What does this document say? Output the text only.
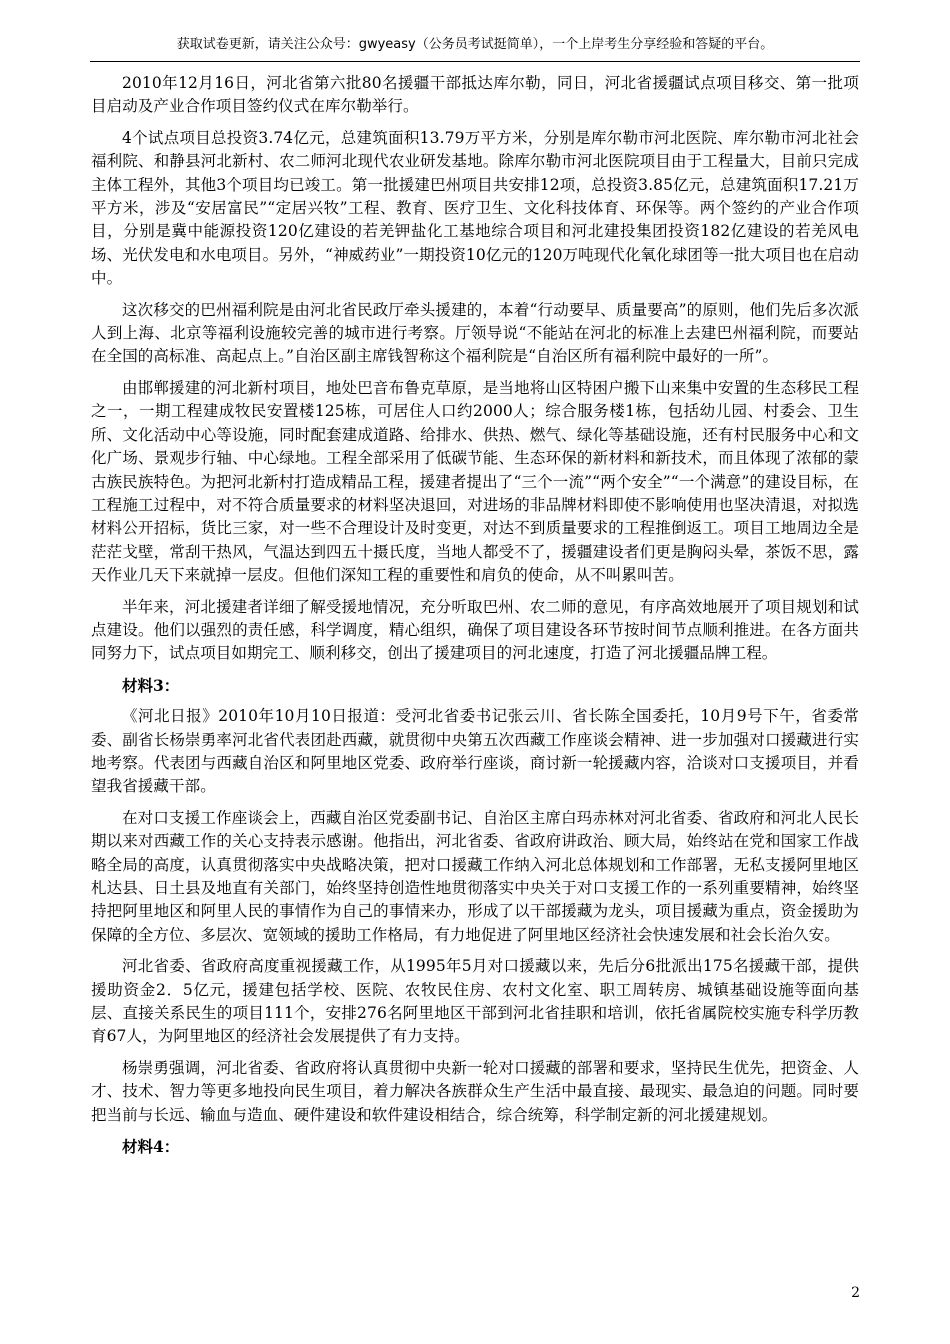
获取试卷更新，请关注公众号：gwyeasy（公务员考试挺简单），一个上岸考生分享经验和答疑的平台。

2010年12月16日，河北省第六批80名援疆干部抵达库尔勒，同日，河北省援疆试点项目移交、第一批项目启动及产业合作项目签约仪式在库尔勒举行。

4个试点项目总投资3.74亿元，总建筑面积13.79万平方米，分别是库尔勒市河北医院、库尔勒市河北社会福利院、和静县河北新村、农二师河北现代农业研发基地。除库尔勒市河北医院项目由于工程量大，目前只完成主体工程外，其他3个项目均已竣工。第一批援建巴州项目共安排12项，总投资3.85亿元，总建筑面积17.21万平方米，涉及“安居富民”“定居兴牧”工程、教育、医疗卫生、文化科技体育、环保等。两个签约的产业合作项目，分别是冀中能源投资120亿建设的若羌钾盐化工基地综合项目和河北建投集团投资182亿建设的若羌风电场、光伏发电和水电项目。另外，“神威药业”一期投资10亿元的120万吨现代化氧化球团等一批大项目也在启动中。

这次移交的巴州福利院是由河北省民政厅牵头援建的，本着“行动要早、质量要高”的原则，他们先后多次派人到上海、北京等福利设施较完善的城市进行考察。厅领导说“不能站在河北的标准上去建巴州福利院，而要站在全国的高标准、高起点上。”自治区副主席钱智称这个福利院是“自治区所有福利院中最好的一所”。

由邯郸援建的河北新村项目，地处巴音布鲁克草原，是当地将山区特困户搬下山来集中安置的生态移民工程之一，一期工程建成牧民安置楼125栋，可居住人口约2000人；综合服务楼1栋，包括幼儿园、村委会、卫生所、文化活动中心等设施，同时配套建成道路、给排水、供热、燃气、绿化等基础设施，还有村民服务中心和文化广场、景观步行轴、中心绿地。工程全部采用了低碳节能、生态环保的新材料和新技术，而且体现了浓郁的蒙古族民族特色。为把河北新村打造成精品工程，援建者提出了“三个一流”“两个安全”“一个满意”的建设目标，在工程施工过程中，对不符合质量要求的材料坚决退回，对进场的非品牌材料即使不影响使用也坚决清退，对拟选材料公开招标，货比三家，对一些不合理设计及时变更，对达不到质量要求的工程推倒返工。项目工地周边全是茫茫戈壁，常刮干热风，气温达到四五十摄氏度，当地人都受不了，援疆建设者们更是胸闷头晕，茶饭不思，露天作业几天下来就掉一层皮。但他们深知工程的重要性和肩负的使命，从不叫累叫苦。

半年来，河北援建者详细了解受援地情况，充分听取巴州、农二师的意见，有序高效地展开了项目规划和试点建设。他们以强烈的责任感，科学调度，精心组织，确保了项目建设各环节按时间节点顺利推进。在各方面共同努力下，试点项目如期完工、顺利移交，创出了援建项目的河北速度，打造了河北援疆品牌工程。

材料3：

《河北日报》2010年10月10日报道：受河北省委书记张云川、省长陈全国委托，10月9号下午，省委常委、副省长杨崇勇率河北省代表团赴西藏，就贯彻中央第五次西藏工作座谈会精神、进一步加强对口援藏进行实地考察。代表团与西藏自治区和阿里地区党委、政府举行座谈，商讨新一轮援藏内容，洽谈对口支援项目，并看望我省援藏干部。

在对口支援工作座谈会上，西藏自治区党委副书记、自治区主席白玛赤林对河北省委、省政府和河北人民长期以来对西藏工作的关心支持表示感谢。他指出，河北省委、省政府讲政治、顾大局，始终站在党和国家工作战略全局的高度，认真贯彻落实中央战略决策，把对口援藏工作纳入河北总体规划和工作部署，无私支援阿里地区札达县、日土县及地直有关部门，始终坚持创造性地贯彻落实中央关于对口支援工作的一系列重要精神，始终坚持把阿里地区和阿里人民的事情作为自己的事情来办，形成了以干部援藏为龙头，项目援藏为重点，资金援助为保障的全方位、多层次、宽领域的援助工作格局，有力地促进了阿里地区经济社会快速发展和社会长治久安。

河北省委、省政府高度重视援藏工作，从1995年5月对口援藏以来，先后分6批派出175名援藏干部，提供援助资金2．5亿元，援建包括学校、医院、农牧民住房、农村文化室、职工周转房、城镇基础设施等面向基层、直接关系民生的项目111个，安排276名阿里地区干部到河北省挂职和培训，依托省属院校实施专科学历教育67人，为阿里地区的经济社会发展提供了有力支持。

杨崇勇强调，河北省委、省政府将认真贯彻中央新一轮对口援藏的部署和要求，坚持民生优先，把资金、人才、技术、智力等更多地投向民生项目，着力解决各族群众生产生活中最直接、最现实、最急迫的问题。同时要把当前与长远、输血与造血、硬件建设和软件建设相结合，综合统筹，科学制定新的河北援建规划。

材料4：

2
